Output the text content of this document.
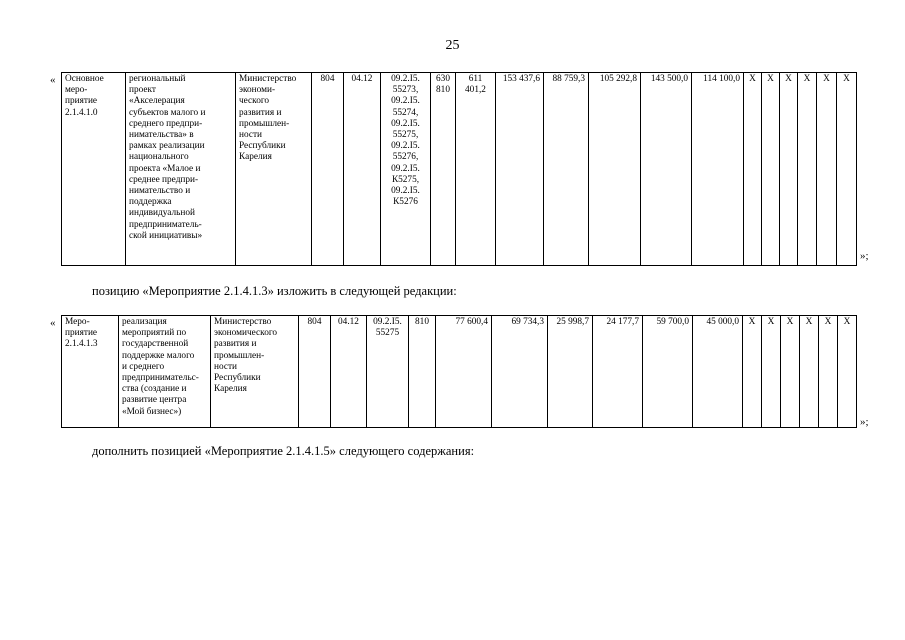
25
« Основное
меро-
приятие
2.1.4.1.0	региональный
проект
«Акселерация
субъектов малого и
среднего предпри-
нимательства» в
рамках реализации
национального
проекта «Малое и
среднее предпри-
нимательство и
поддержка
индивидуальной
предприниматель-
ской инициативы»	Министерство
экономи-
ческого
развития и
промышлен-
ности
Республики
Карелия	804	04.12	09.2.I5.
55273,
09.2.I5.
55274,
09.2.I5.
55275,
09.2.I5.
55276,
09.2.I5.
К5275,
09.2.I5.
К5276	630
810	611
401,2	153 437,6	88 759,3	105 292,8	143 500,0	114 100,0	Х	Х	Х	Х	Х	Х
»;
позицию «Мероприятие 2.1.4.1.3» изложить в следующей редакции:
« Меро-
приятие
2.1.4.1.3	реализация
мероприятий по
государственной
поддержке малого
и среднего
предпринимательс-
ства (создание и
развитие центра
«Мой бизнес»)	Министерство
экономического
развития и
промышлен-
ности
Республики
Карелия	804	04.12	09.2.I5.
55275	810	77 600,4	69 734,3	25 998,7	24 177,7	59 700,0	45 000,0	Х	Х	Х	Х	Х	Х
»;
дополнить позицией «Мероприятие 2.1.4.1.5» следующего содержания:
